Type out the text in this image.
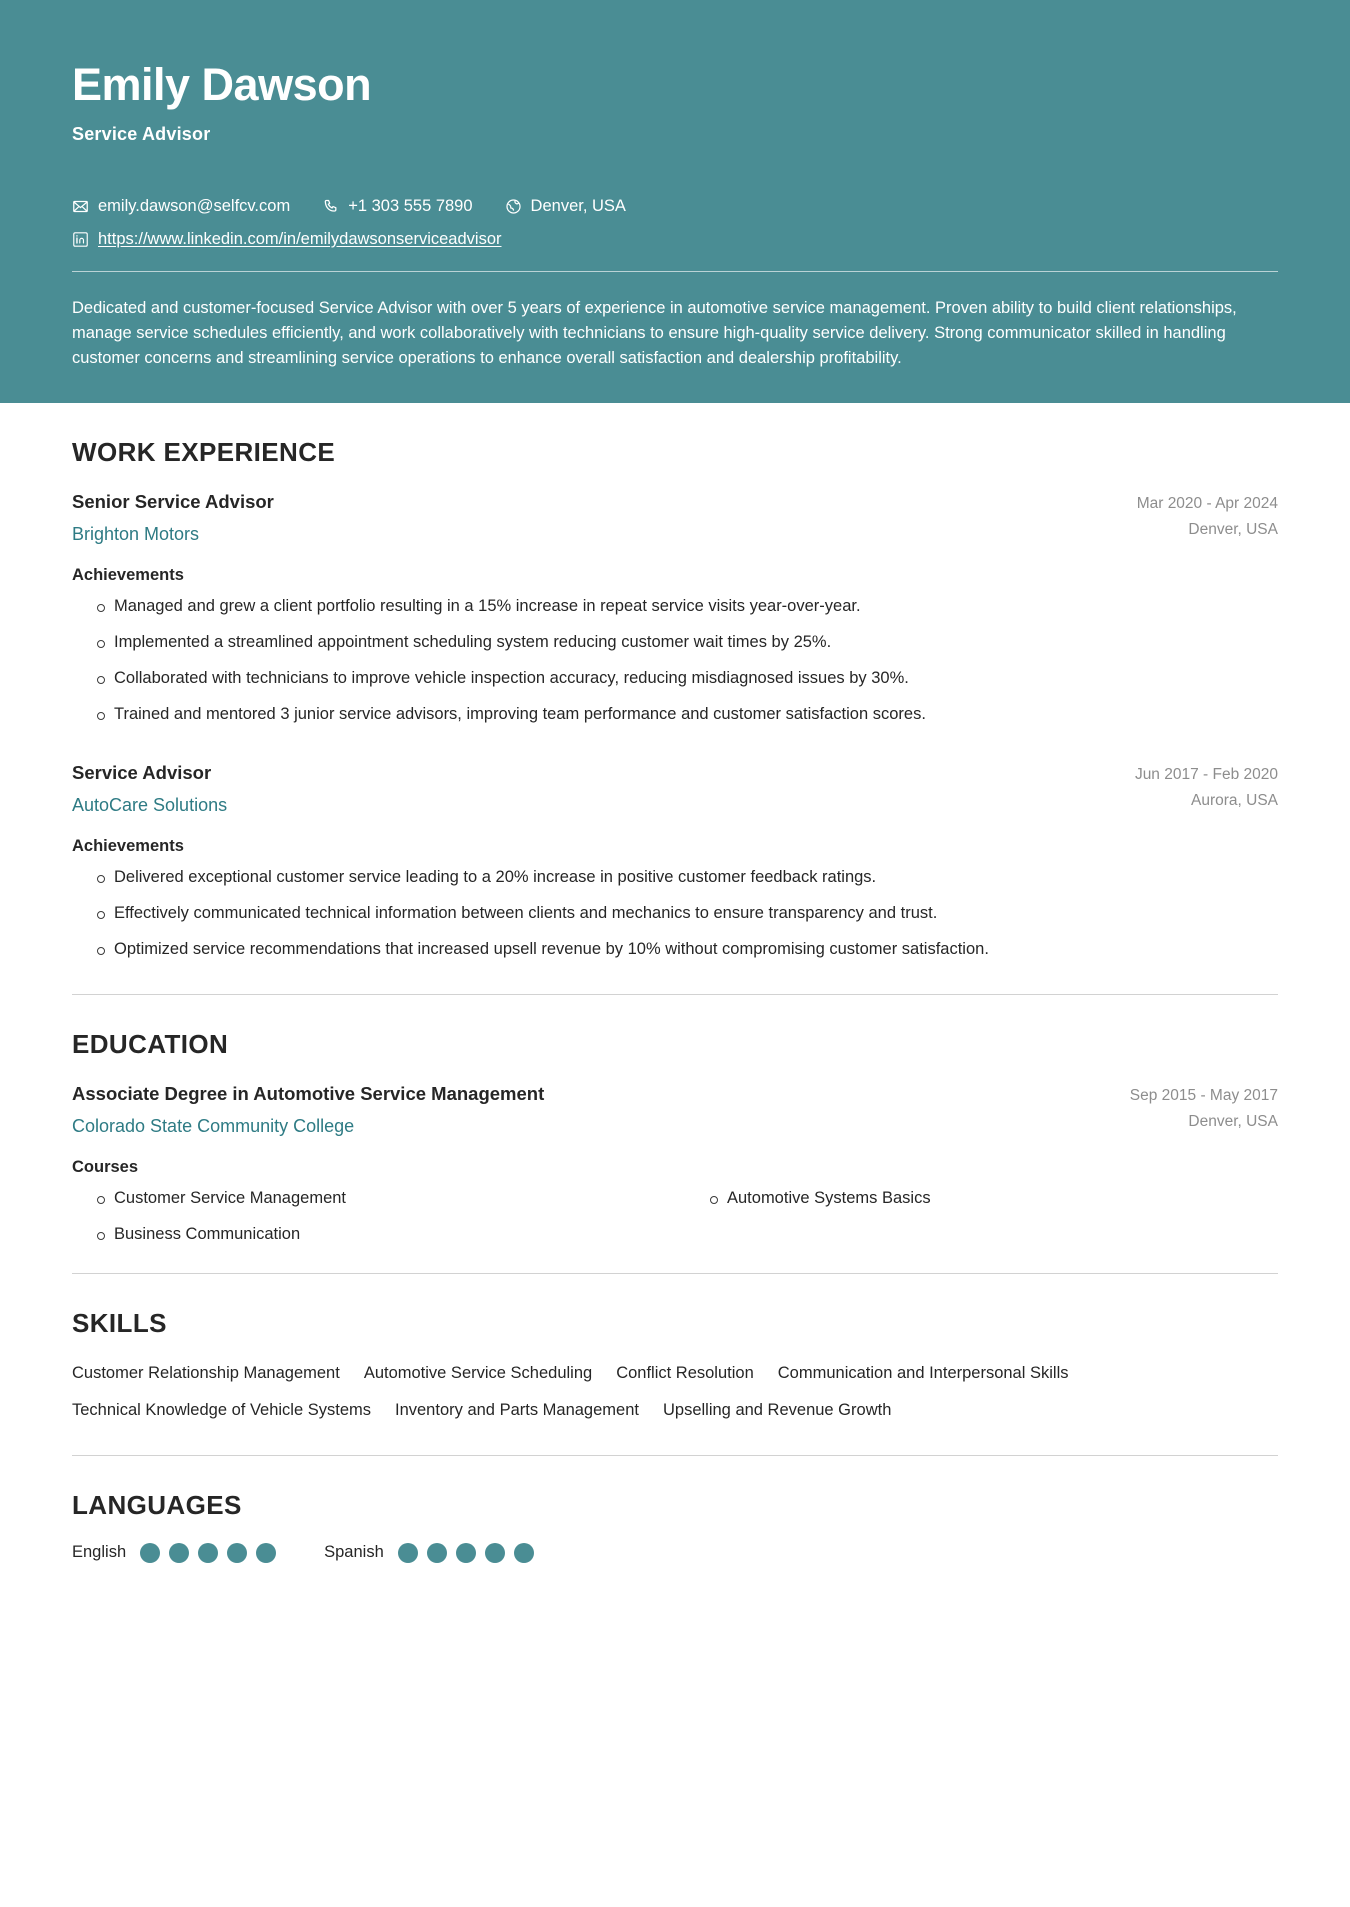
Emily Dawson
Service Advisor
emily.dawson@selfcv.com	+1 303 555 7890	Denver, USA
https://www.linkedin.com/in/emilydawsonserviceadvisor
Dedicated and customer-focused Service Advisor with over 5 years of experience in automotive service management. Proven ability to build client relationships, manage service schedules efficiently, and work collaboratively with technicians to ensure high-quality service delivery. Strong communicator skilled in handling customer concerns and streamlining service operations to enhance overall satisfaction and dealership profitability.
WORK EXPERIENCE
Senior Service Advisor
Brighton Motors
Mar 2020 - Apr 2024
Denver, USA
Achievements
Managed and grew a client portfolio resulting in a 15% increase in repeat service visits year-over-year.
Implemented a streamlined appointment scheduling system reducing customer wait times by 25%.
Collaborated with technicians to improve vehicle inspection accuracy, reducing misdiagnosed issues by 30%.
Trained and mentored 3 junior service advisors, improving team performance and customer satisfaction scores.
Service Advisor
AutoCare Solutions
Jun 2017 - Feb 2020
Aurora, USA
Achievements
Delivered exceptional customer service leading to a 20% increase in positive customer feedback ratings.
Effectively communicated technical information between clients and mechanics to ensure transparency and trust.
Optimized service recommendations that increased upsell revenue by 10% without compromising customer satisfaction.
EDUCATION
Associate Degree in Automotive Service Management
Colorado State Community College
Sep 2015 - May 2017
Denver, USA
Courses
Customer Service Management	Automotive Systems Basics
Business Communication
SKILLS
Customer Relationship Management Automotive Service Scheduling Conflict Resolution Communication and Interpersonal Skills
Technical Knowledge of Vehicle Systems Inventory and Parts Management Upselling and Revenue Growth
LANGUAGES
English	Spanish
